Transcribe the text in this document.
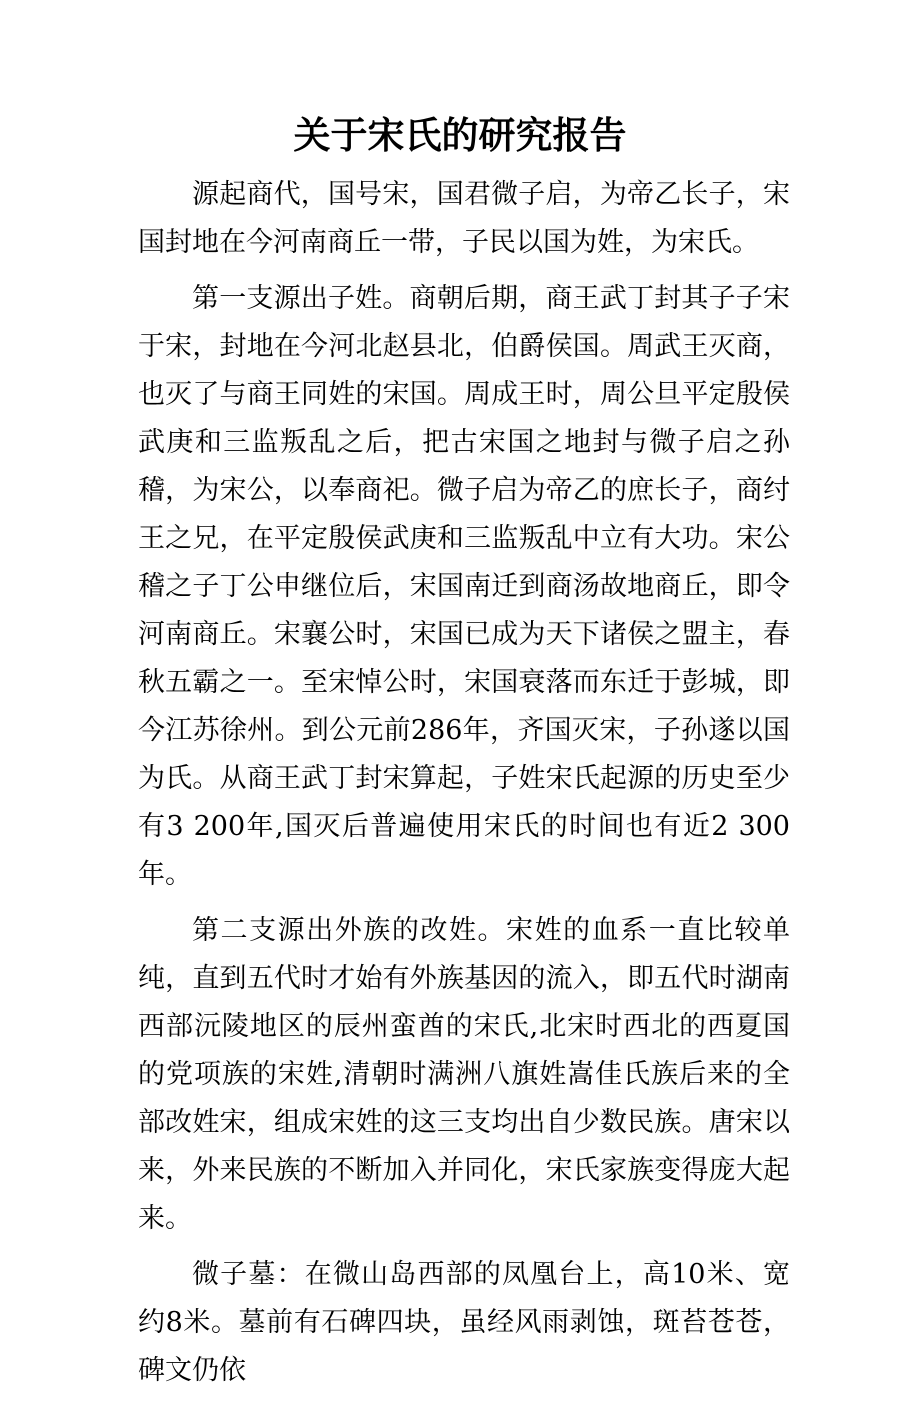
关于宋氏的研究报告

源起商代，国号宋，国君微子启，为帝乙长子，宋国封地在今河南商丘一带，子民以国为姓，为宋氏。

第一支源出子姓。商朝后期，商王武丁封其子子宋于宋，封地在今河北赵县北，伯爵侯国。周武王灭商，也灭了与商王同姓的宋国。周成王时，周公旦平定殷侯武庚和三监叛乱之后，把古宋国之地封与微子启之孙稽，为宋公，以奉商祀。微子启为帝乙的庶长子，商纣王之兄，在平定殷侯武庚和三监叛乱中立有大功。宋公稽之子丁公申继位后，宋国南迁到商汤故地商丘，即令河南商丘。宋襄公时，宋国已成为天下诸侯之盟主，春秋五霸之一。至宋悼公时，宋国衰落而东迁于彭城，即今江苏徐州。到公元前286年，齐国灭宋，子孙遂以国为氏。从商王武丁封宋算起，子姓宋氏起源的历史至少有3 200年,国灭后普遍使用宋氏的时间也有近2 300年。

第二支源出外族的改姓。宋姓的血系一直比较单纯，直到五代时才始有外族基因的流入，即五代时湖南西部沅陵地区的辰州蛮酋的宋氏,北宋时西北的西夏国的党项族的宋姓,清朝时满洲八旗姓嵩佳氏族后来的全部改姓宋，组成宋姓的这三支均出自少数民族。唐宋以来，外来民族的不断加入并同化，宋氏家族变得庞大起来。

微子墓：在微山岛西部的凤凰台上，高10米、宽约8米。墓前有石碑四块，虽经风雨剥蚀，斑苔苍苍，碑文仍依
